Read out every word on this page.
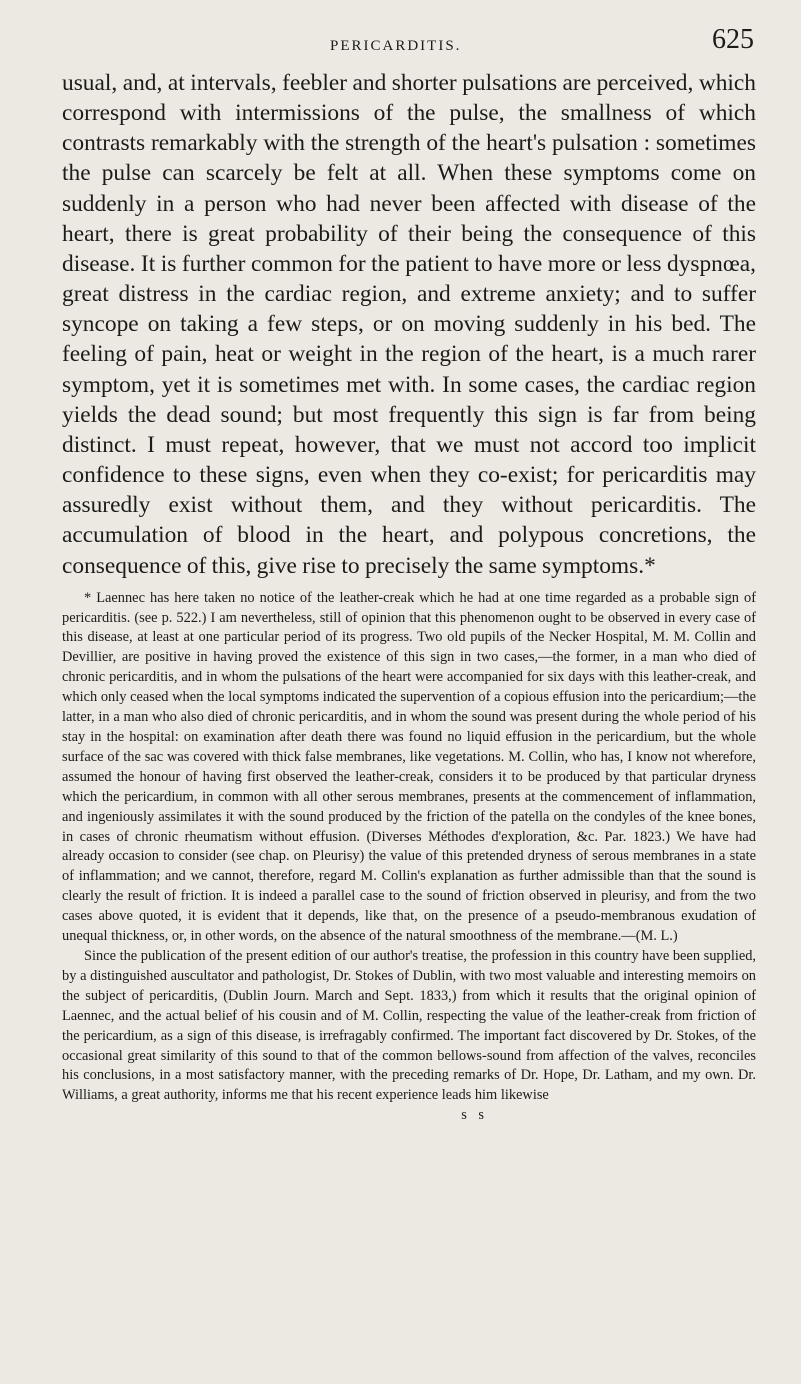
PERICARDITIS.	625

usual, and, at intervals, feebler and shorter pulsations are perceived, which correspond with intermissions of the pulse, the smallness of which contrasts remarkably with the strength of the heart's pulsation : sometimes the pulse can scarcely be felt at all. When these symptoms come on suddenly in a person who had never been affected with disease of the heart, there is great probability of their being the consequence of this disease. It is further common for the patient to have more or less dyspnœa, great distress in the cardiac region, and extreme anxiety; and to suffer syncope on taking a few steps, or on moving suddenly in his bed. The feeling of pain, heat or weight in the region of the heart, is a much rarer symptom, yet it is sometimes met with. In some cases, the cardiac region yields the dead sound; but most frequently this sign is far from being distinct. I must repeat, however, that we must not accord too implicit confidence to these signs, even when they co-exist; for pericarditis may assuredly exist without them, and they without pericarditis. The accumulation of blood in the heart, and polypous concretions, the consequence of this, give rise to precisely the same symptoms.*

* Laennec has here taken no notice of the leather-creak which he had at one time regarded as a probable sign of pericarditis. (see p. 522.) I am nevertheless, still of opinion that this phenomenon ought to be observed in every case of this disease, at least at one particular period of its progress. Two old pupils of the Necker Hospital, M. M. Collin and Devillier, are positive in having proved the existence of this sign in two cases,—the former, in a man who died of chronic pericarditis, and in whom the pulsations of the heart were accompanied for six days with this leather-creak, and which only ceased when the local symptoms indicated the supervention of a copious effusion into the pericardium;—the latter, in a man who also died of chronic pericarditis, and in whom the sound was present during the whole period of his stay in the hospital: on examination after death there was found no liquid effusion in the pericardium, but the whole surface of the sac was covered with thick false membranes, like vegetations. M. Collin, who has, I know not wherefore, assumed the honour of having first observed the leather-creak, considers it to be produced by that particular dryness which the pericardium, in common with all other serous membranes, presents at the commencement of inflammation, and ingeniously assimilates it with the sound produced by the friction of the patella on the condyles of the knee bones, in cases of chronic rheumatism without effusion. (Diverses Méthodes d'exploration, &c. Par. 1823.) We have had already occasion to consider (see chap. on Pleurisy) the value of this pretended dryness of serous membranes in a state of inflammation; and we cannot, therefore, regard M. Collin's explanation as further admissible than that the sound is clearly the result of friction. It is indeed a parallel case to the sound of friction observed in pleurisy, and from the two cases above quoted, it is evident that it depends, like that, on the presence of a pseudo-membranous exudation of unequal thickness, or, in other words, on the absence of the natural smoothness of the membrane.—(M. L.)

Since the publication of the present edition of our author's treatise, the profession in this country have been supplied, by a distinguished auscultator and pathologist, Dr. Stokes of Dublin, with two most valuable and interesting memoirs on the subject of pericarditis, (Dublin Journ. March and Sept. 1833,) from which it results that the original opinion of Laennec, and the actual belief of his cousin and of M. Collin, respecting the value of the leather-creak from friction of the pericardium, as a sign of this disease, is irrefragably confirmed. The important fact discovered by Dr. Stokes, of the occasional great similarity of this sound to that of the common bellows-sound from affection of the valves, reconciles his conclusions, in a most satisfactory manner, with the preceding remarks of Dr. Hope, Dr. Latham, and my own. Dr. Williams, a great authority, informs me that his recent experience leads him likewise

s s
